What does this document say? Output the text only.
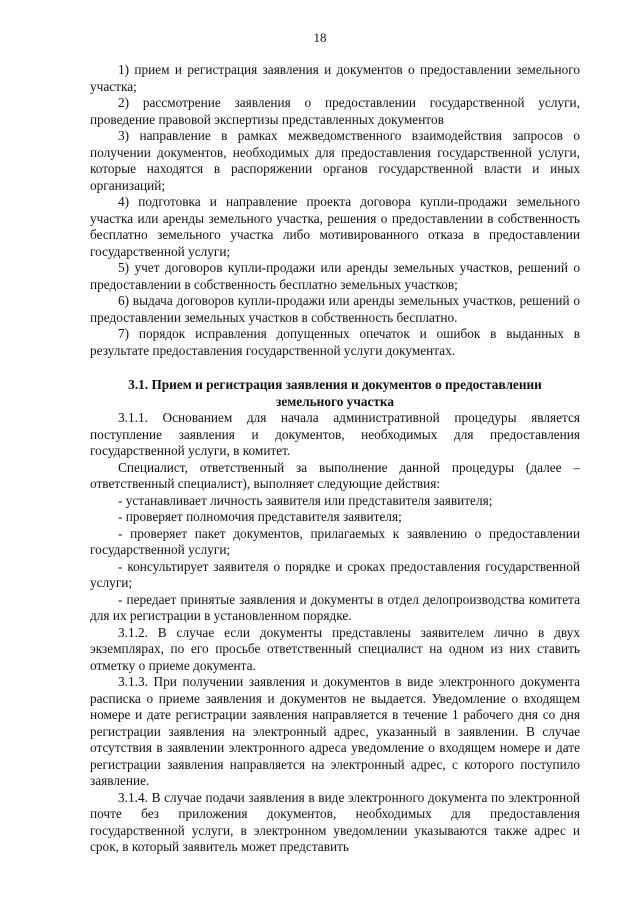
18

1) прием и регистрация заявления и документов о предоставлении земельного участка;

2) рассмотрение заявления о предоставлении государственной услуги, проведение правовой экспертизы представленных документов

3) направление в рамках межведомственного взаимодействия запросов о получении документов, необходимых для предоставления государственной услуги, которые находятся в распоряжении органов государственной власти и иных организаций;

4) подготовка и направление проекта договора купли-продажи земельного участка или аренды земельного участка, решения о предоставлении в собственность бесплатно земельного участка либо мотивированного отказа в предоставлении государственной услуги;

5) учет договоров купли-продажи или аренды земельных участков, решений о предоставлении в собственность бесплатно земельных участков;

6) выдача договоров купли-продажи или аренды земельных участков, решений о предоставлении земельных участков в собственность бесплатно.

7) порядок исправления допущенных опечаток и ошибок в выданных в результате предоставления государственной услуги документах.

3.1. Прием и регистрация заявления и документов о предоставлении земельного участка

3.1.1. Основанием для начала административной процедуры является поступление заявления и документов, необходимых для предоставления государственной услуги, в комитет.

Специалист, ответственный за выполнение данной процедуры (далее – ответственный специалист), выполняет следующие действия:

- устанавливает личность заявителя или представителя заявителя;

- проверяет полномочия представителя заявителя;

- проверяет пакет документов, прилагаемых к заявлению о предоставлении государственной услуги;

- консультирует заявителя о порядке и сроках предоставления государственной услуги;

- передает принятые заявления и документы в отдел делопроизводства комитета для их регистрации в установленном порядке.

3.1.2. В случае если документы представлены заявителем лично в двух экземплярах, по его просьбе ответственный специалист на одном из них ставить отметку о приеме документа.

3.1.3. При получении заявления и документов в виде электронного документа расписка о приеме заявления и документов не выдается. Уведомление о входящем номере и дате регистрации заявления направляется в течение 1 рабочего дня со дня регистрации заявления на электронный адрес, указанный в заявлении. В случае отсутствия в заявлении электронного адреса уведомление о входящем номере и дате регистрации заявления направляется на электронный адрес, с которого поступило заявление.

3.1.4. В случае подачи заявления в виде электронного документа по электронной почте без приложения документов, необходимых для предоставления государственной услуги, в электронном уведомлении указываются также адрес и срок, в который заявитель может представить
